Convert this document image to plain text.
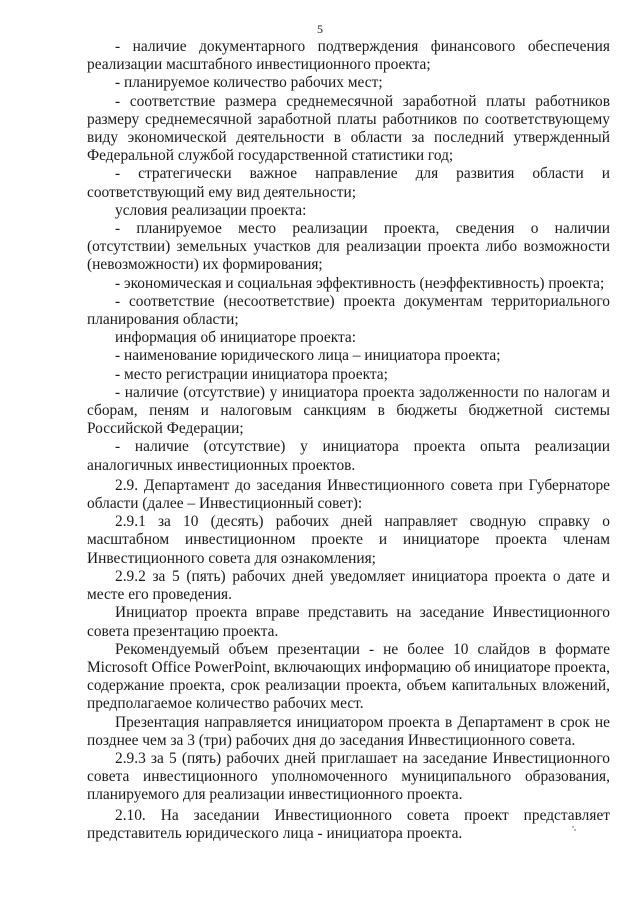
5

- наличие документарного подтверждения финансового обеспечения реализации масштабного инвестиционного проекта;

- планируемое количество рабочих мест;

- соответствие размера среднемесячной заработной платы работников размеру среднемесячной заработной платы работников по соответствующему виду экономической деятельности в области за последний утвержденный Федеральной службой государственной статистики год;

- стратегически важное направление для развития области и соответствующий ему вид деятельности;

условия реализации проекта:

- планируемое место реализации проекта, сведения о наличии (отсутствии) земельных участков для реализации проекта либо возможности (невозможности) их формирования;

- экономическая и социальная эффективность (неэффективность) проекта;

- соответствие (несоответствие) проекта документам территориального планирования области;

информация об инициаторе проекта:

- наименование юридического лица – инициатора проекта;

- место регистрации инициатора проекта;

- наличие (отсутствие) у инициатора проекта задолженности по налогам и сборам, пеням и налоговым санкциям в бюджеты бюджетной системы Российской Федерации;

- наличие (отсутствие) у инициатора проекта опыта реализации аналогичных инвестиционных проектов.

2.9. Департамент до заседания Инвестиционного совета при Губернаторе области (далее – Инвестиционный совет):

2.9.1 за 10 (десять) рабочих дней направляет сводную справку о масштабном инвестиционном проекте и инициаторе проекта членам Инвестиционного совета для ознакомления;

2.9.2 за 5 (пять) рабочих дней уведомляет инициатора проекта о дате и месте его проведения.

Инициатор проекта вправе представить на заседание Инвестиционного совета презентацию проекта.

Рекомендуемый объем презентации - не более 10 слайдов в формате Microsoft Office PowerPoint, включающих информацию об инициаторе проекта, содержание проекта, срок реализации проекта, объем капитальных вложений, предполагаемое количество рабочих мест.

Презентация направляется инициатором проекта в Департамент в срок не позднее чем за 3 (три) рабочих дня до заседания Инвестиционного совета.

2.9.3 за 5 (пять) рабочих дней приглашает на заседание Инвестиционного совета инвестиционного уполномоченного муниципального образования, планируемого для реализации инвестиционного проекта.

2.10. На заседании Инвестиционного совета проект представляет представитель юридического лица - инициатора проекта.
